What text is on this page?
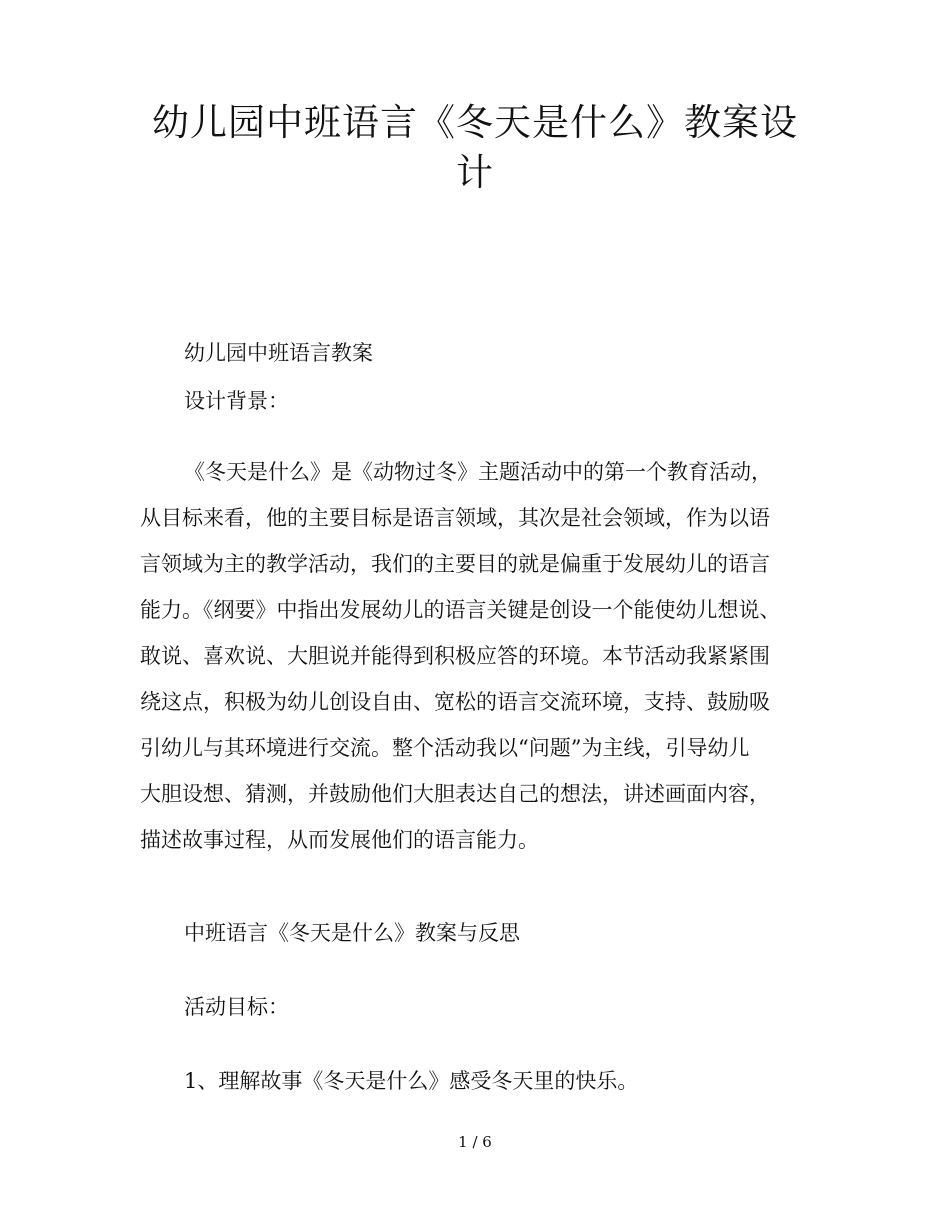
幼儿园中班语言《冬天是什么》教案设
计

幼儿园中班语言教案

设计背景：

《冬天是什么》是《动物过冬》主题活动中的第一个教育活动，
从目标来看，他的主要目标是语言领域，其次是社会领域，作为以语
言领域为主的教学活动，我们的主要目的就是偏重于发展幼儿的语言
能力。《纲要》中指出发展幼儿的语言关键是创设一个能使幼儿想说、
敢说、喜欢说、大胆说并能得到积极应答的环境。本节活动我紧紧围
绕这点，积极为幼儿创设自由、宽松的语言交流环境，支持、鼓励吸
引幼儿与其环境进行交流。整个活动我以“问题”为主线，引导幼儿
大胆设想、猜测，并鼓励他们大胆表达自己的想法，讲述画面内容，
描述故事过程，从而发展他们的语言能力。

中班语言《冬天是什么》教案与反思

活动目标：

1、理解故事《冬天是什么》感受冬天里的快乐。

1 / 6
